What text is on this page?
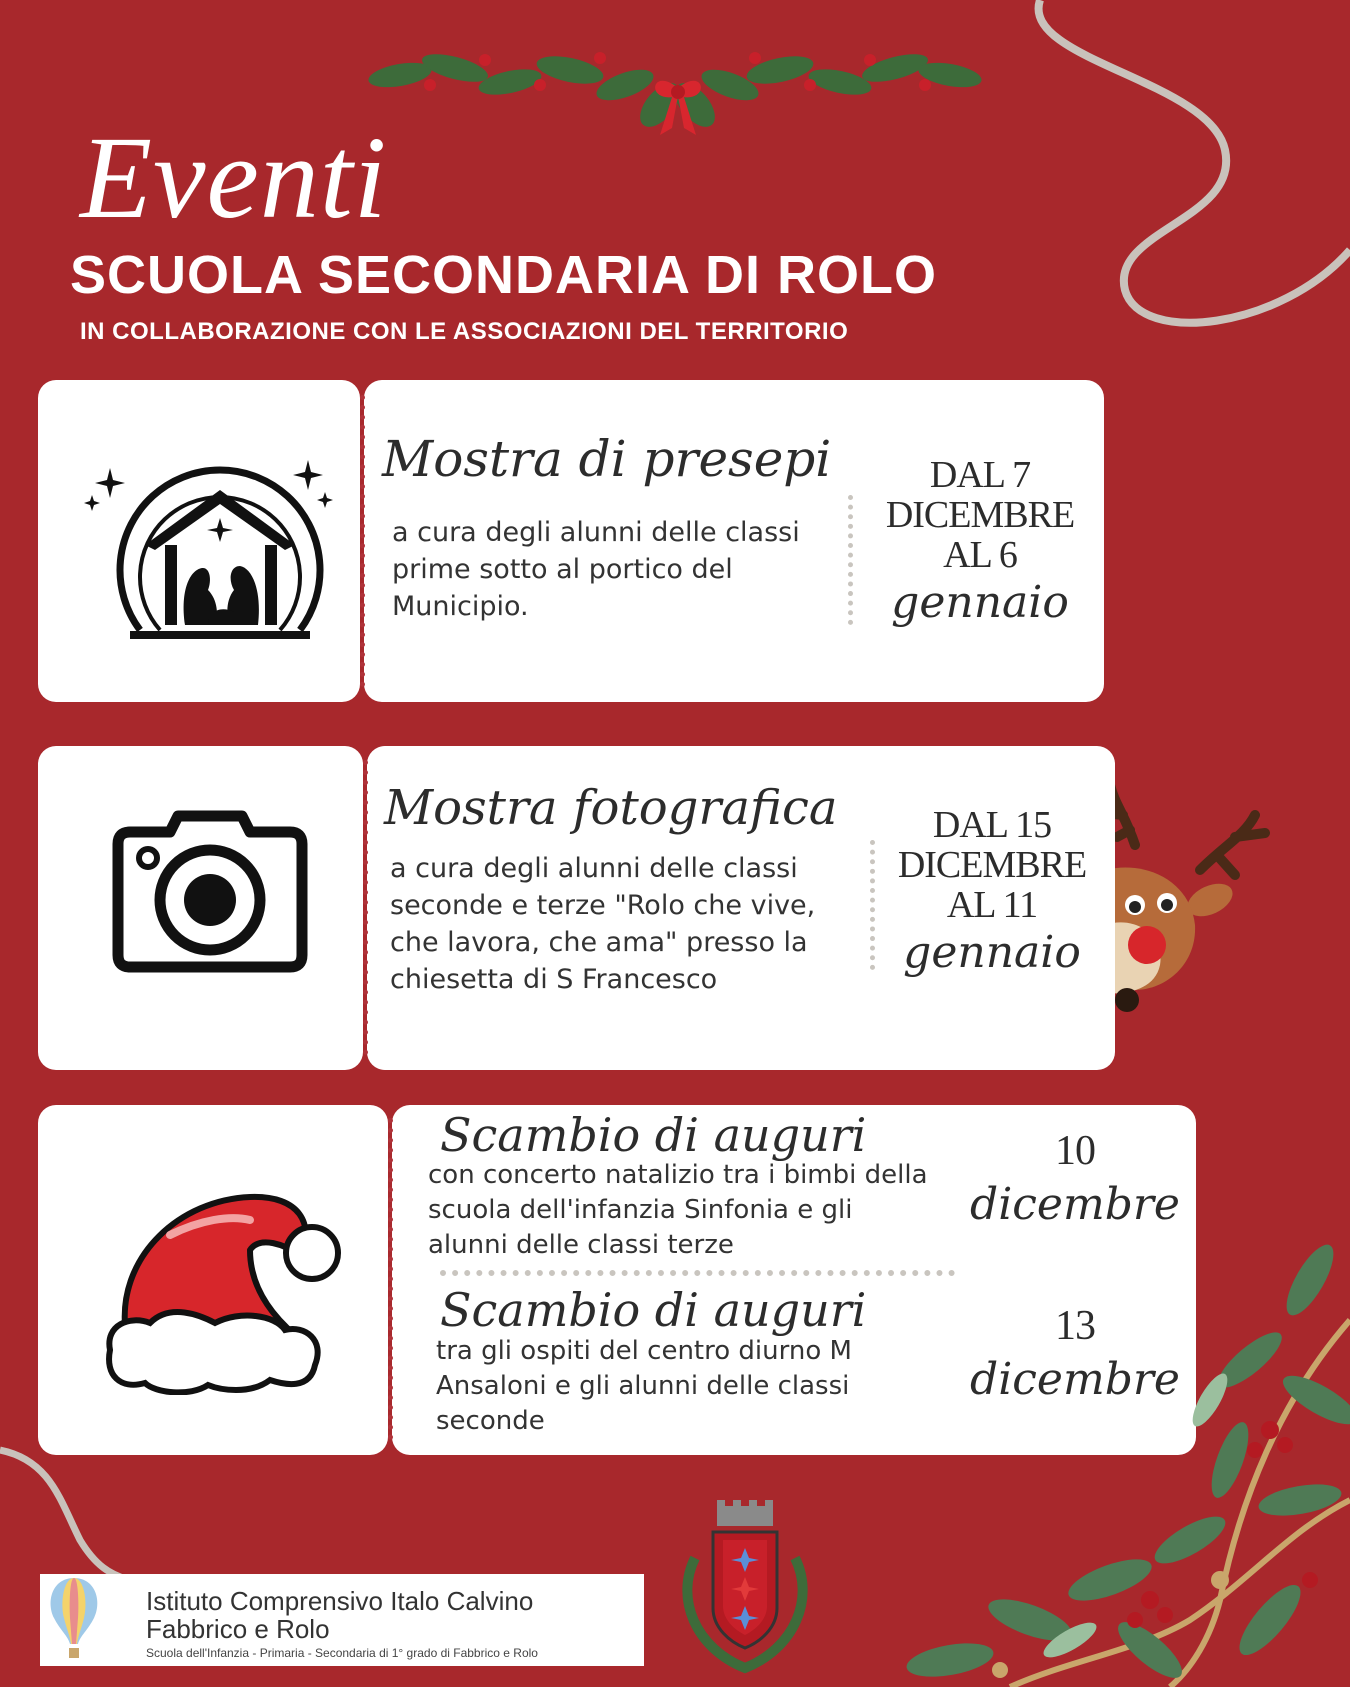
Eventi
SCUOLA SECONDARIA DI ROLO
IN COLLABORAZIONE CON LE ASSOCIAZIONI DEL TERRITORIO
Mostra di presepi
a cura degli alunni delle classi prime sotto al portico del Municipio.
DAL 7
DICEMBRE
AL 6
gennaio
Mostra fotografica
a cura degli alunni delle classi seconde e terze "Rolo che vive, che lavora, che ama" presso la chiesetta di S Francesco
DAL 15
DICEMBRE
AL 11
gennaio
Scambio di auguri
con concerto natalizio tra i bimbi della scuola dell'infanzia Sinfonia e gli alunni delle classi terze
10
dicembre
Scambio di auguri
tra gli ospiti del centro diurno M Ansaloni e gli alunni delle classi seconde
13
dicembre
Istituto Comprensivo Italo Calvino
Fabbrico e Rolo
Scuola dell'Infanzia - Primaria - Secondaria di 1° grado di Fabbrico e Rolo
